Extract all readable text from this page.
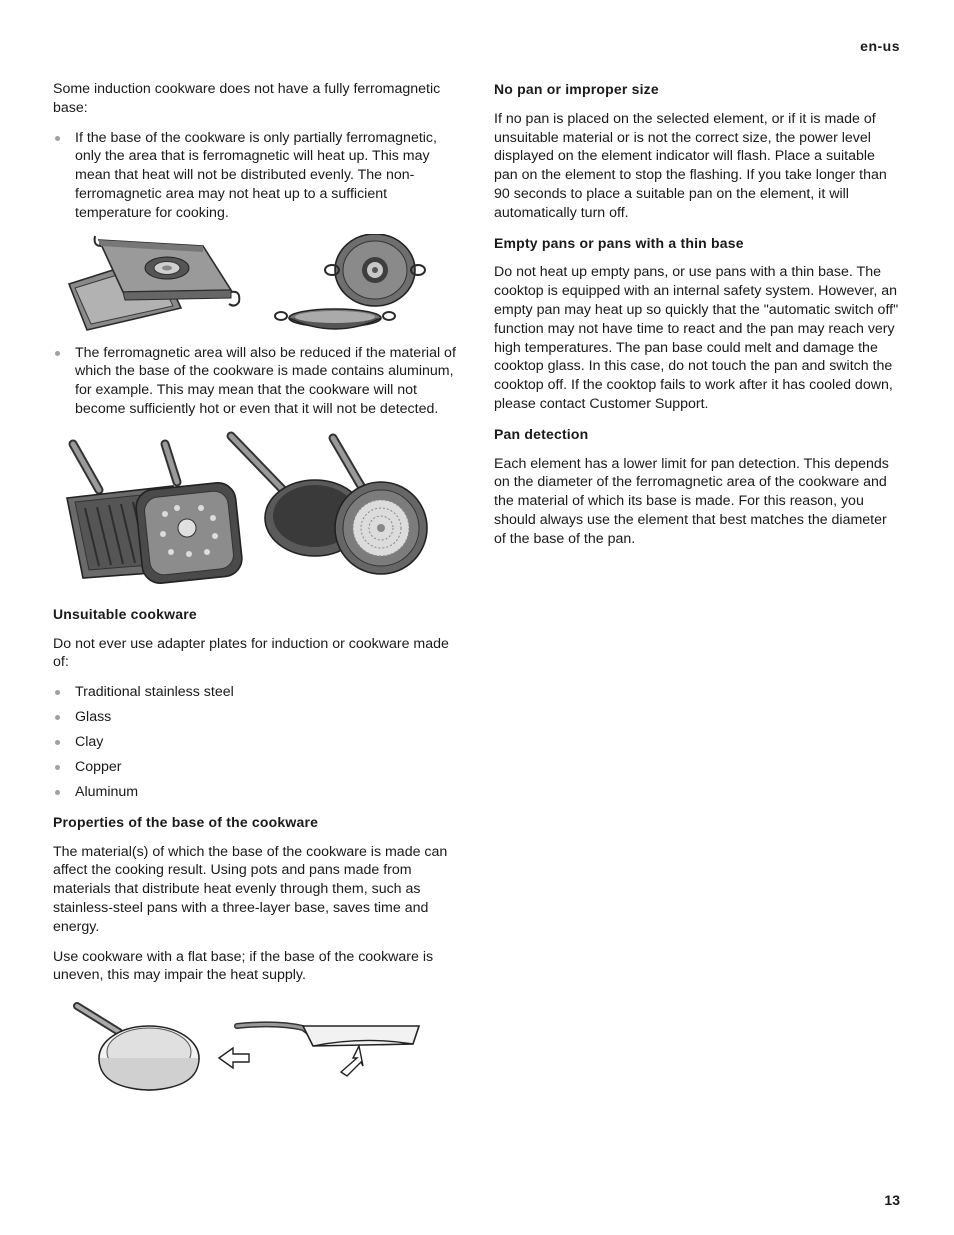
en-us

Some induction cookware does not have a fully ferromagnetic base:

If the base of the cookware is only partially ferromagnetic, only the area that is ferromagnetic will heat up. This may mean that heat will not be distributed evenly. The non-ferromagnetic area may not heat up to a sufficient temperature for cooking.
The ferromagnetic area will also be reduced if the material of which the base of the cookware is made contains aluminum, for example. This may mean that the cookware will not become sufficiently hot or even that it will not be detected.
Unsuitable cookware

Do not ever use adapter plates for induction or cookware made of:

Traditional stainless steel
Glass
Clay
Copper
Aluminum
Properties of the base of the cookware

The material(s) of which the base of the cookware is made can affect the cooking result. Using pots and pans made from materials that distribute heat evenly through them, such as stainless-steel pans with a three-layer base, saves time and energy.

Use cookware with a flat base; if the base of the cookware is uneven, this may impair the heat supply.

No pan or improper size

If no pan is placed on the selected element, or if it is made of unsuitable material or is not the correct size, the power level displayed on the element indicator will flash. Place a suitable pan on the element to stop the flashing. If you take longer than 90 seconds to place a suitable pan on the element, it will automatically turn off.

Empty pans or pans with a thin base

Do not heat up empty pans, or use pans with a thin base. The cooktop is equipped with an internal safety system. However, an empty pan may heat up so quickly that the "automatic switch off" function may not have time to react and the pan may reach very high temperatures. The pan base could melt and damage the cooktop glass. In this case, do not touch the pan and switch the cooktop off. If the cooktop fails to work after it has cooled down, please contact Customer Support.

Pan detection

Each element has a lower limit for pan detection. This depends on the diameter of the ferromagnetic area of the cookware and the material of which its base is made. For this reason, you should always use the element that best matches the diameter of the base of the pan.

13
